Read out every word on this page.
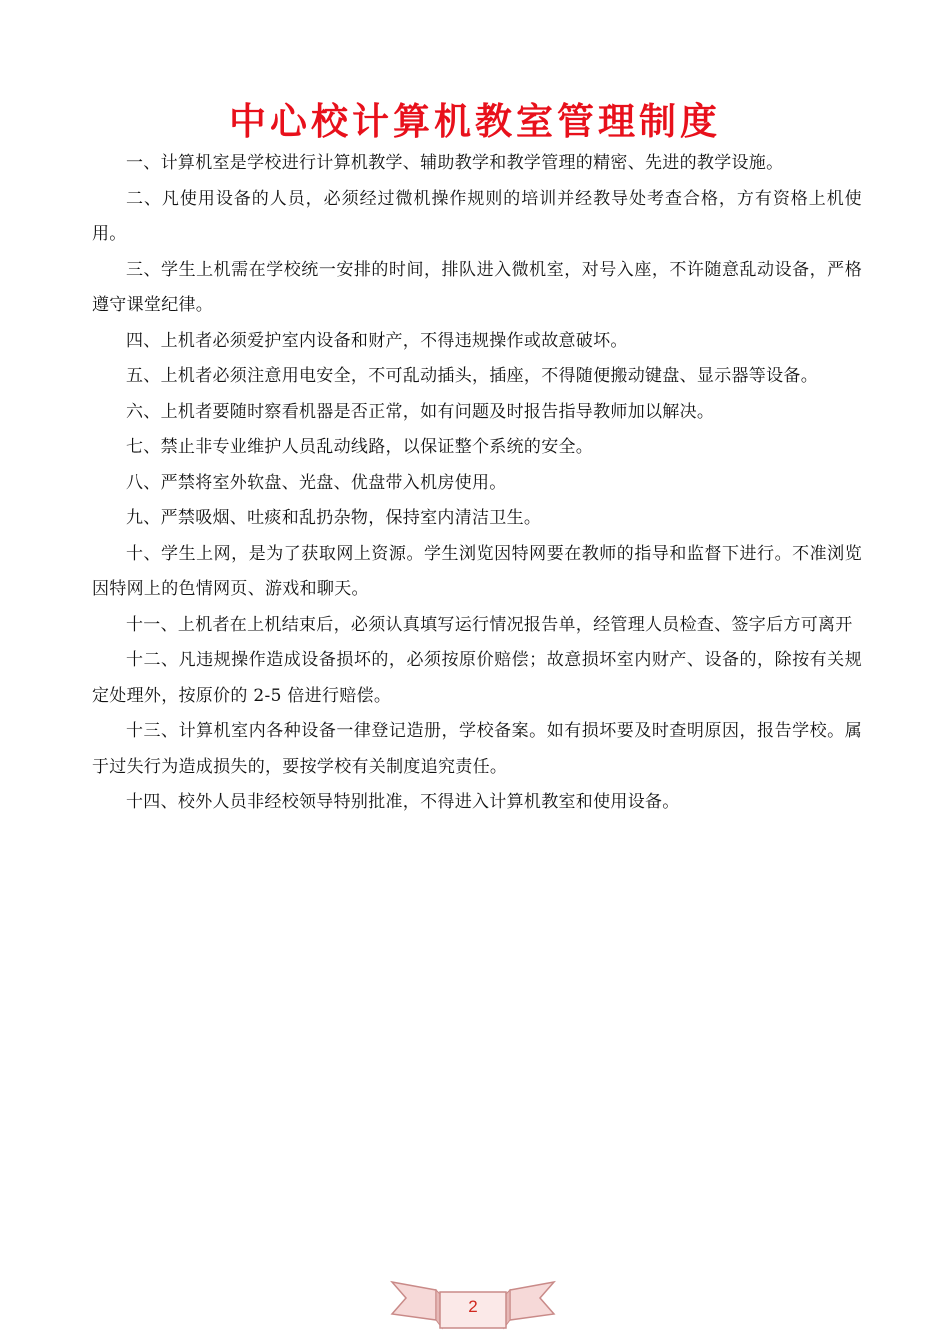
中心校计算机教室管理制度

一、计算机室是学校进行计算机教学、辅助教学和教学管理的精密、先进的教学设施。

二、凡使用设备的人员，必须经过微机操作规则的培训并经教导处考查合格，方有资格上机使用。

三、学生上机需在学校统一安排的时间，排队进入微机室，对号入座，不许随意乱动设备，严格遵守课堂纪律。

四、上机者必须爱护室内设备和财产，不得违规操作或故意破坏。

五、上机者必须注意用电安全，不可乱动插头，插座，不得随便搬动键盘、显示器等设备。

六、上机者要随时察看机器是否正常，如有问题及时报告指导教师加以解决。

七、禁止非专业维护人员乱动线路，以保证整个系统的安全。

八、严禁将室外软盘、光盘、优盘带入机房使用。

九、严禁吸烟、吐痰和乱扔杂物，保持室内清洁卫生。

十、学生上网，是为了获取网上资源。学生浏览因特网要在教师的指导和监督下进行。不准浏览因特网上的色情网页、游戏和聊天。

十一、上机者在上机结束后，必须认真填写运行情况报告单，经管理人员检查、签字后方可离开

十二、凡违规操作造成设备损坏的，必须按原价赔偿；故意损坏室内财产、设备的，除按有关规定处理外，按原价的 2-5 倍进行赔偿。

十三、计算机室内各种设备一律登记造册，学校备案。如有损坏要及时查明原因，报告学校。属于过失行为造成损失的，要按学校有关制度追究责任。

十四、校外人员非经校领导特别批准，不得进入计算机教室和使用设备。

2
